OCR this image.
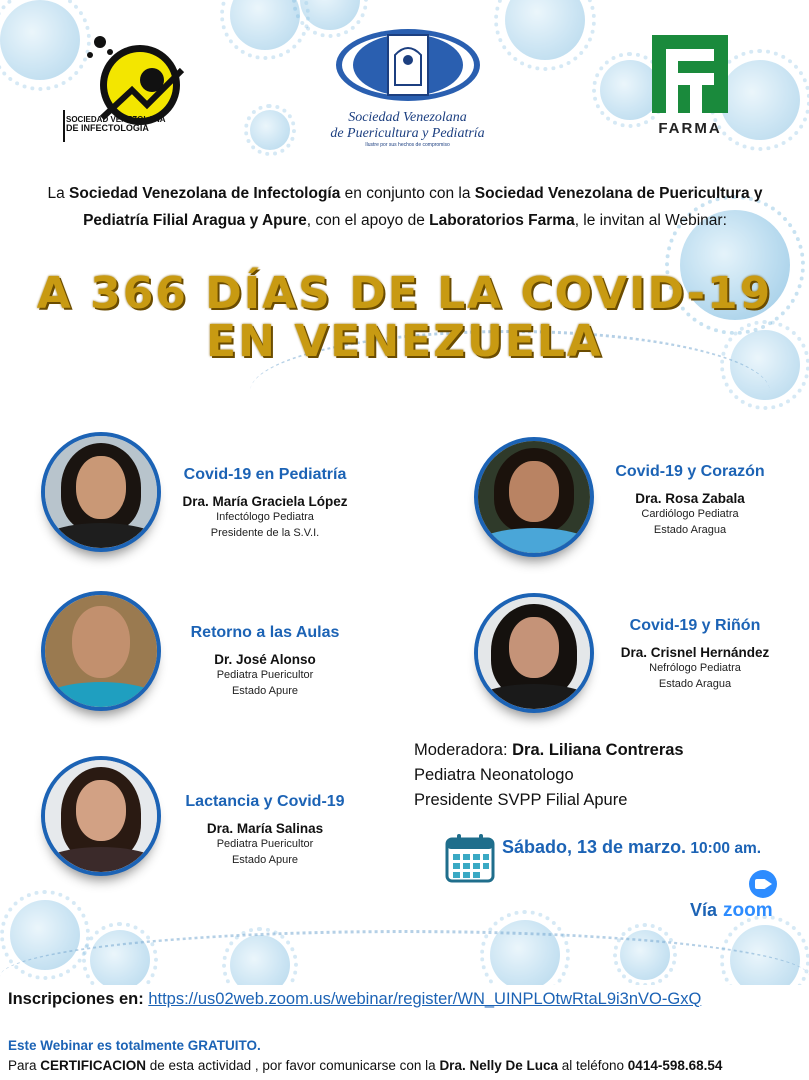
SOCIEDAD VENEZOLANA
DE INFECTOLOGIA
Sociedad Venezolana
de Puericultura y Pediatría
Ilustre por sus hechos de compromiso
FARMA
La Sociedad Venezolana de Infectología en conjunto con la Sociedad Venezolana de Puericultura y Pediatría Filial Aragua y Apure, con el apoyo de Laboratorios Farma, le invitan al Webinar:
A 366 DÍAS DE LA COVID-19
EN VENEZUELA
Covid-19 en Pediatría
Dra. María Graciela López
Infectólogo Pediatra
Presidente de la S.V.I.
Covid-19 y Corazón
Dra. Rosa Zabala
Cardiólogo Pediatra
Estado Aragua
Retorno a las Aulas
Dr. José Alonso
Pediatra Puericultor
Estado Apure
Covid-19 y Riñón
Dra. Crisnel Hernández
Nefrólogo Pediatra
Estado Aragua
Lactancia y Covid-19
Dra. María Salinas
Pediatra Puericultor
Estado Apure
Moderadora: Dra. Liliana Contreras
Pediatra Neonatologo
Presidente SVPP Filial Apure
Sábado, 13 de marzo. 10:00 am.
Vía zoom
Inscripciones en: https://us02web.zoom.us/webinar/register/WN_UINPLOtwRtaL9i3nVO-GxQ
Este Webinar es totalmente GRATUITO.
Para CERTIFICACION de esta actividad , por favor comunicarse con la Dra. Nelly De Luca al teléfono 0414-598.68.54
